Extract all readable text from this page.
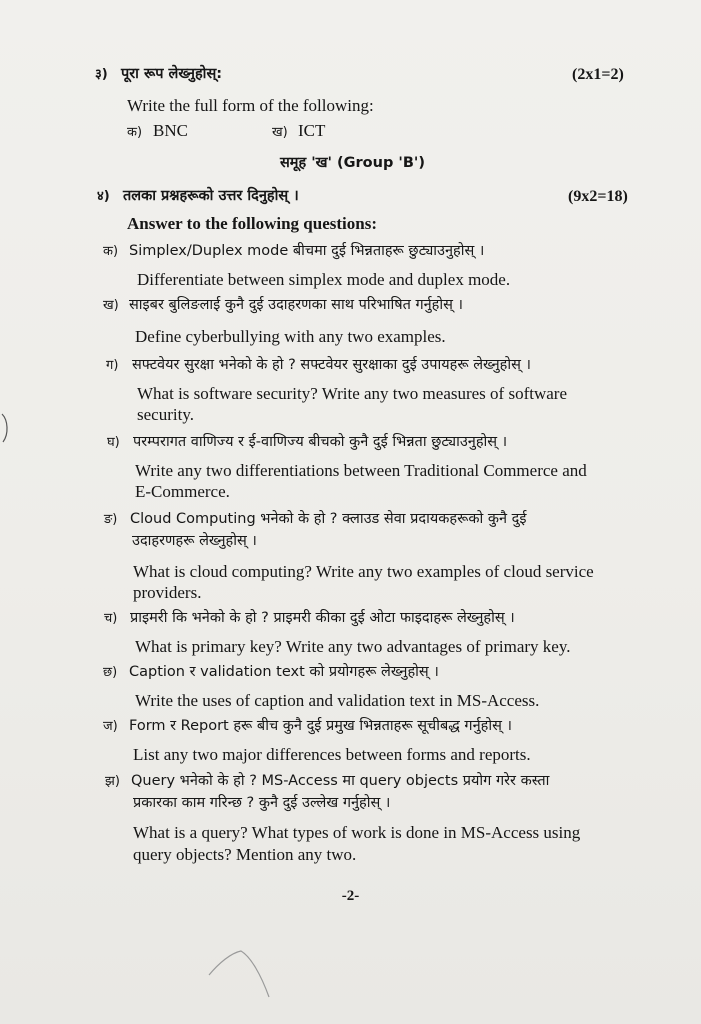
३) पूरा रूप लेख्नुहोस्:	(2x1=2)
Write the full form of the following:
क) BNC	ख) ICT
समूह 'ख' (Group 'B')
४) तलका प्रश्नहरूको उत्तर दिनुहोस् ।	(9x2=18)
Answer to the following questions:
क) Simplex/Duplex mode बीचमा दुई भिन्नताहरू छुट्याउनुहोस् ।
Differentiate between simplex mode and duplex mode.
ख) साइबर बुलिङलाई कुनै दुई उदाहरणका साथ परिभाषित गर्नुहोस् ।
Define cyberbullying with any two examples.
ग) सफ्टवेयर सुरक्षा भनेको के हो ? सफ्टवेयर सुरक्षाका दुई उपायहरू लेख्नुहोस् ।
What is software security? Write any two measures of software
security.
घ) परम्परागत वाणिज्य र ई-वाणिज्य बीचको कुनै दुई भिन्नता छुट्याउनुहोस् ।
Write any two differentiations between Traditional Commerce and
E-Commerce.
ङ) Cloud Computing भनेको के हो ? क्लाउड सेवा प्रदायकहरूको कुनै दुई
उदाहरणहरू लेख्नुहोस् ।
What is cloud computing? Write any two examples of cloud service
providers.
च) प्राइमरी कि भनेको के हो ? प्राइमरी कीका दुई ओटा फाइदाहरू लेख्नुहोस् ।
What is primary key? Write any two advantages of primary key.
छ) Caption र validation text को प्रयोगहरू लेख्नुहोस् ।
Write the uses of caption and validation text in MS-Access.
ज) Form र Report हरू बीच कुनै दुई प्रमुख भिन्नताहरू सूचीबद्ध गर्नुहोस् ।
List any two major differences between forms and reports.
झ) Query भनेको के हो ? MS-Access मा query objects प्रयोग गरेर कस्ता
प्रकारका काम गरिन्छ ? कुनै दुई उल्लेख गर्नुहोस् ।
What is a query? What types of work is done in MS-Access using
query objects? Mention any two.
-2-
